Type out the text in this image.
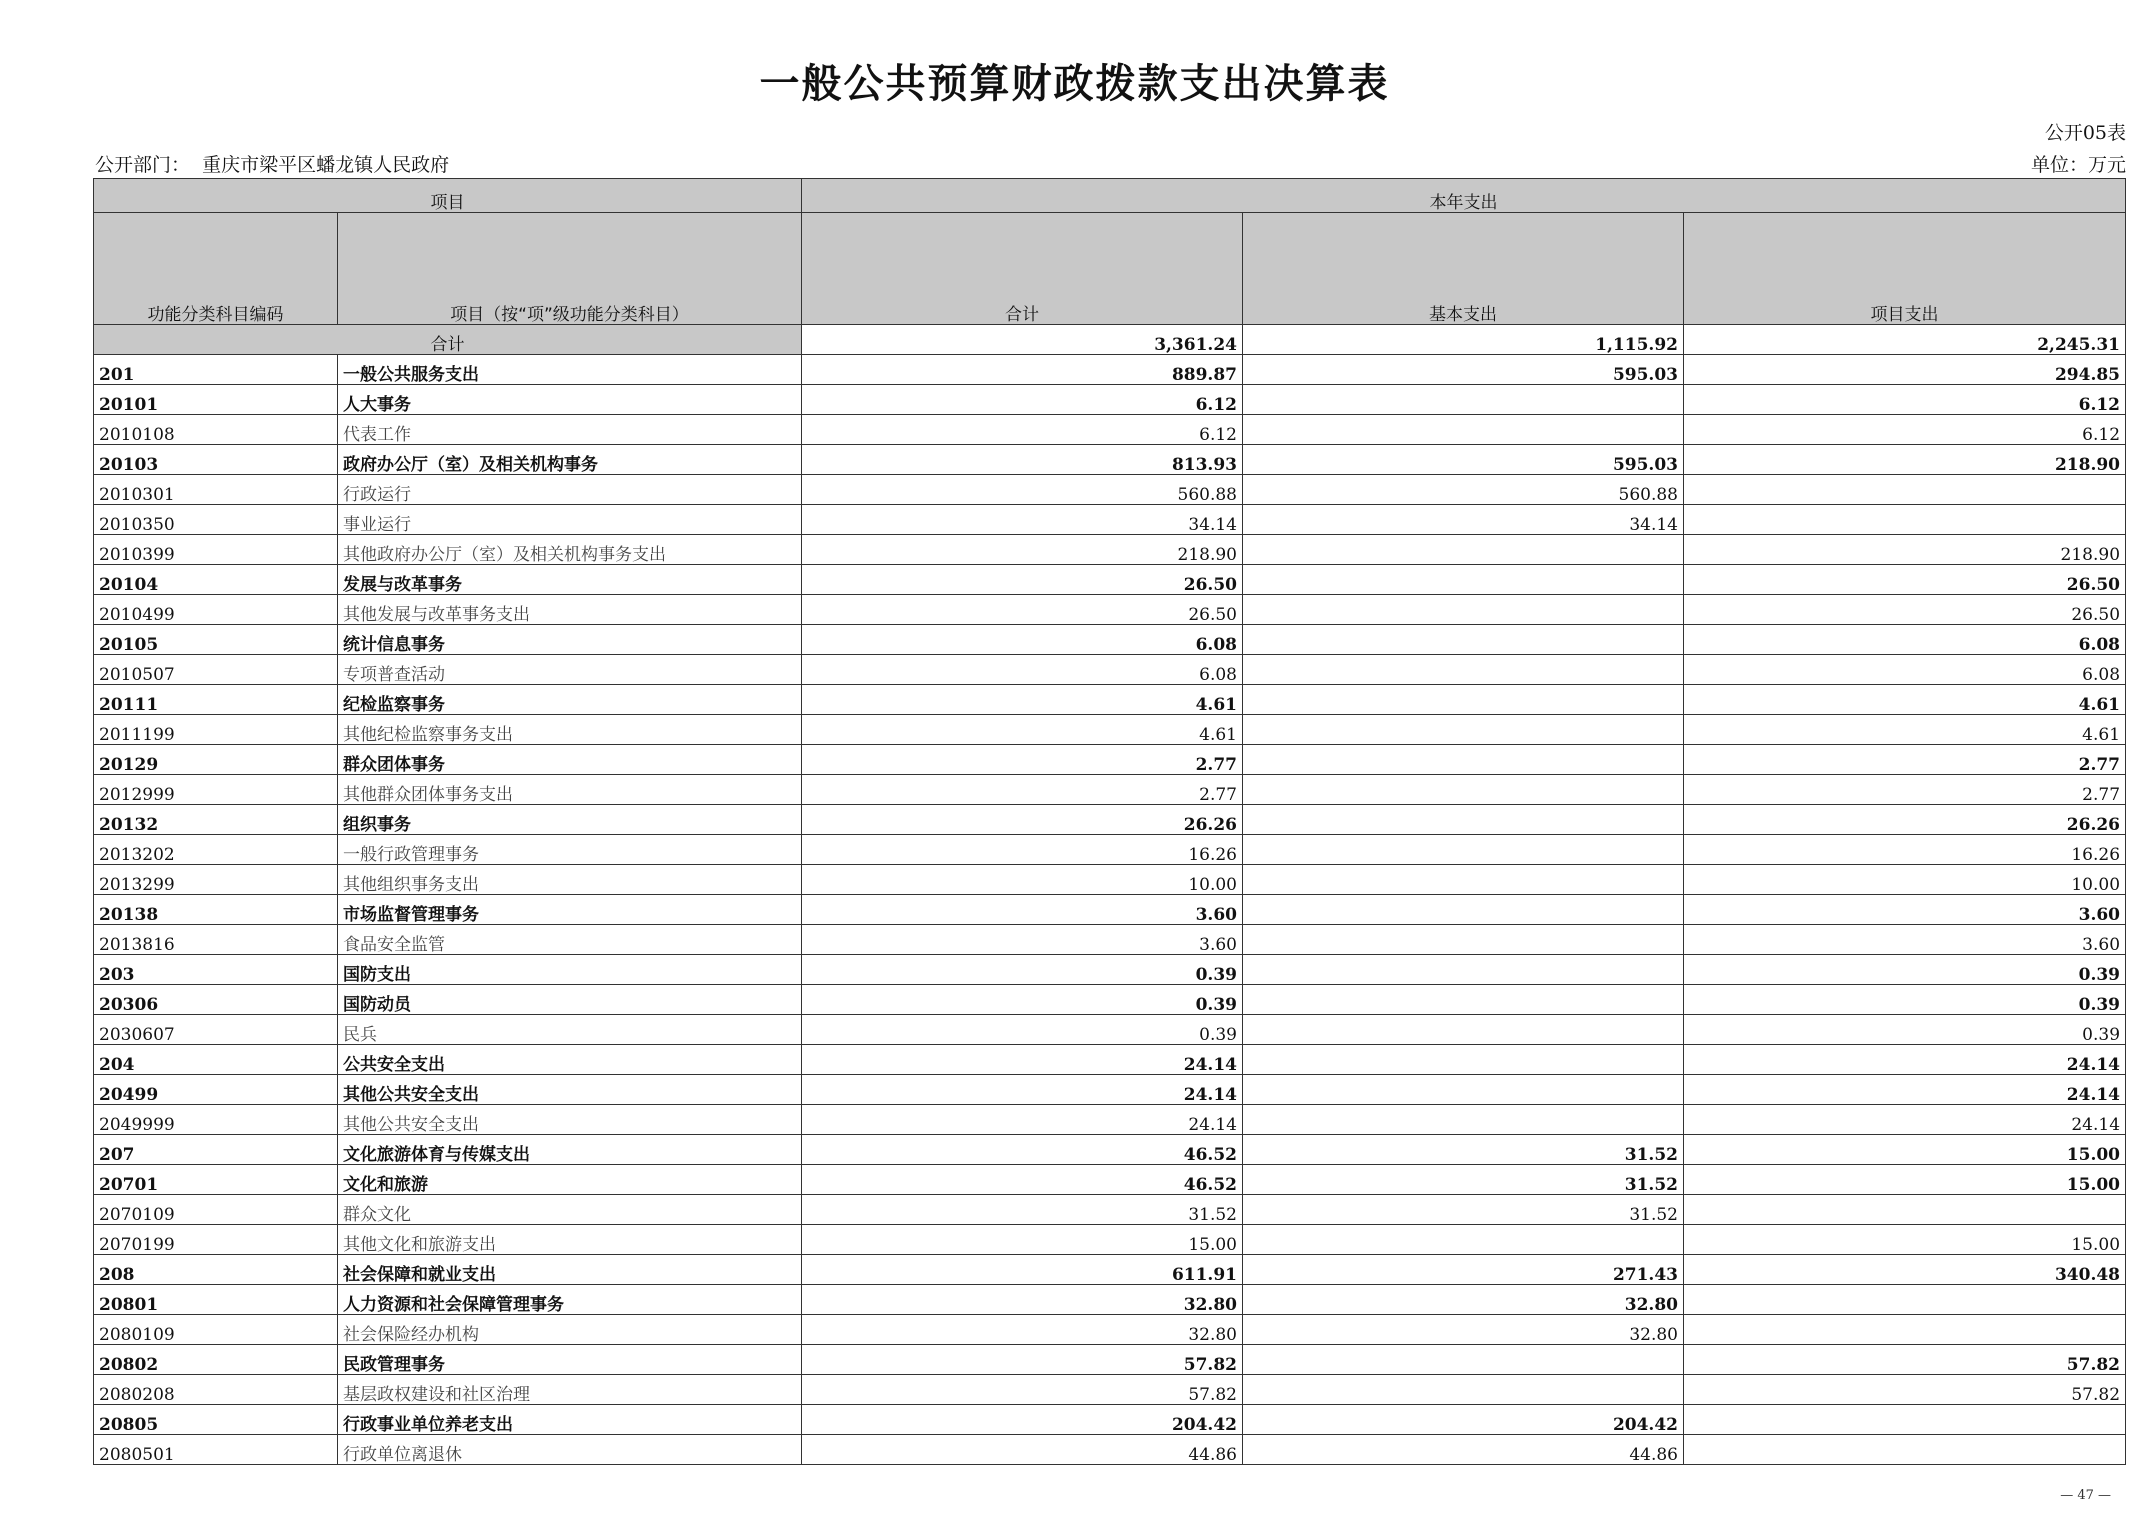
一般公共预算财政拨款支出决算表
公开05表
公开部门： 重庆市梁平区蟠龙镇人民政府	单位：万元
项目		本年支出		
功能分类科目编码	项目（按“项”级功能分类科目）	合计	基本支出	项目支出
合计		3,361.24	1,115.92	2,245.31
201	一般公共服务支出	889.87	595.03	294.85
20101	人大事务	6.12		6.12
2010108	代表工作	6.12		6.12
20103	政府办公厅（室）及相关机构事务	813.93	595.03	218.90
2010301	行政运行	560.88	560.88	
2010350	事业运行	34.14	34.14	
2010399	其他政府办公厅（室）及相关机构事务支出	218.90		218.90
20104	发展与改革事务	26.50		26.50
2010499	其他发展与改革事务支出	26.50		26.50
20105	统计信息事务	6.08		6.08
2010507	专项普查活动	6.08		6.08
20111	纪检监察事务	4.61		4.61
2011199	其他纪检监察事务支出	4.61		4.61
20129	群众团体事务	2.77		2.77
2012999	其他群众团体事务支出	2.77		2.77
20132	组织事务	26.26		26.26
2013202	一般行政管理事务	16.26		16.26
2013299	其他组织事务支出	10.00		10.00
20138	市场监督管理事务	3.60		3.60
2013816	食品安全监管	3.60		3.60
203	国防支出	0.39		0.39
20306	国防动员	0.39		0.39
2030607	民兵	0.39		0.39
204	公共安全支出	24.14		24.14
20499	其他公共安全支出	24.14		24.14
2049999	其他公共安全支出	24.14		24.14
207	文化旅游体育与传媒支出	46.52	31.52	15.00
20701	文化和旅游	46.52	31.52	15.00
2070109	群众文化	31.52	31.52	
2070199	其他文化和旅游支出	15.00		15.00
208	社会保障和就业支出	611.91	271.43	340.48
20801	人力资源和社会保障管理事务	32.80	32.80	
2080109	社会保险经办机构	32.80	32.80	
20802	民政管理事务	57.82		57.82
2080208	基层政权建设和社区治理	57.82		57.82
20805	行政事业单位养老支出	204.42	204.42	
2080501	行政单位离退休	44.86	44.86	
— 47 —
